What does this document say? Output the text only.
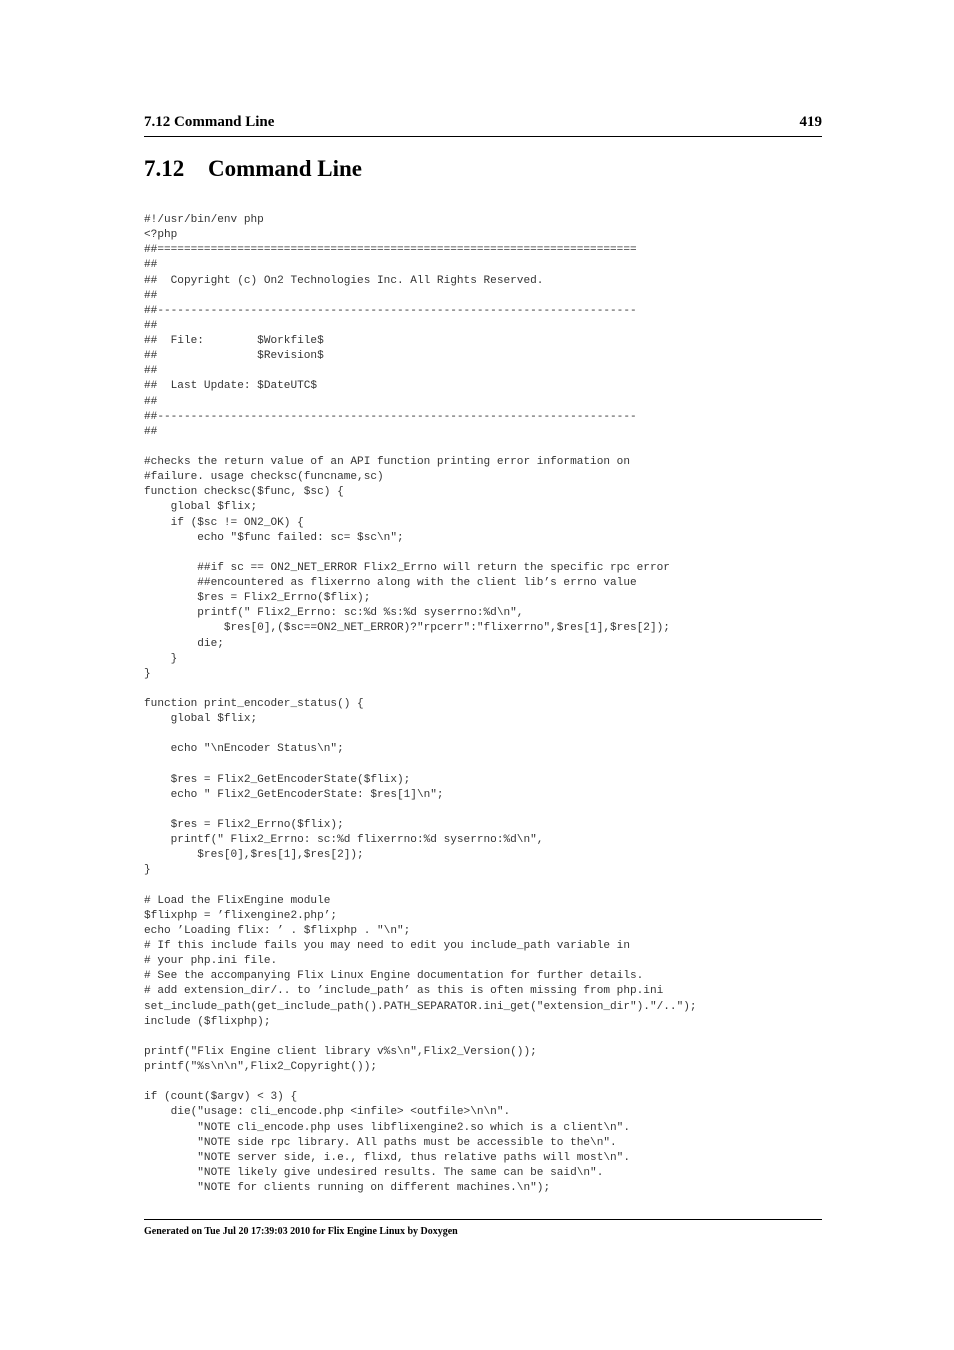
7.12 Command Line	419
7.12 Command Line
#!/usr/bin/env php
<?php
##========================================================================
##
##  Copyright (c) On2 Technologies Inc. All Rights Reserved.
##
##------------------------------------------------------------------------
##
##  File:        $Workfile$
##               $Revision$
##
##  Last Update: $DateUTC$
##
##------------------------------------------------------------------------
##
#checks the return value of an API function printing error information on
#failure. usage checksc(funcname,sc)
function checksc($func, $sc) {
global $flix;
if ($sc != ON2_OK) {
echo "$func failed: sc= $sc\n";
##if sc == ON2_NET_ERROR Flix2_Errno will return the specific rpc error
##encountered as flixerrno along with the client lib’s errno value
$res = Flix2_Errno($flix);
printf(" Flix2_Errno: sc:%d %s:%d syserrno:%d\n",
$res[0],($sc==ON2_NET_ERROR)?"rpcerr":"flixerrno",$res[1],$res[2]);
die;
}
}
function print_encoder_status() {
global $flix;
echo "\nEncoder Status\n";
$res = Flix2_GetEncoderState($flix);
echo " Flix2_GetEncoderState: $res[1]\n";
$res = Flix2_Errno($flix);
printf(" Flix2_Errno: sc:%d flixerrno:%d syserrno:%d\n",
$res[0],$res[1],$res[2]);
}
# Load the FlixEngine module
$flixphp = ’flixengine2.php’;
echo ’Loading flix: ’ . $flixphp . "\n";
# If this include fails you may need to edit you include_path variable in
# your php.ini file.
# See the accompanying Flix Linux Engine documentation for further details.
# add extension_dir/.. to ’include_path’ as this is often missing from php.ini
set_include_path(get_include_path().PATH_SEPARATOR.ini_get("extension_dir")."/..");
include ($flixphp);
printf("Flix Engine client library v%s\n",Flix2_Version());
printf("%s\n\n",Flix2_Copyright());
if (count($argv) < 3) {
die("usage: cli_encode.php <infile> <outfile>\n\n".
"NOTE cli_encode.php uses libflixengine2.so which is a client\n".
"NOTE side rpc library. All paths must be accessible to the\n".
"NOTE server side, i.e., flixd, thus relative paths will most\n".
"NOTE likely give undesired results. The same can be said\n".
"NOTE for clients running on different machines.\n");
Generated on Tue Jul 20 17:39:03 2010 for Flix Engine Linux by Doxygen
